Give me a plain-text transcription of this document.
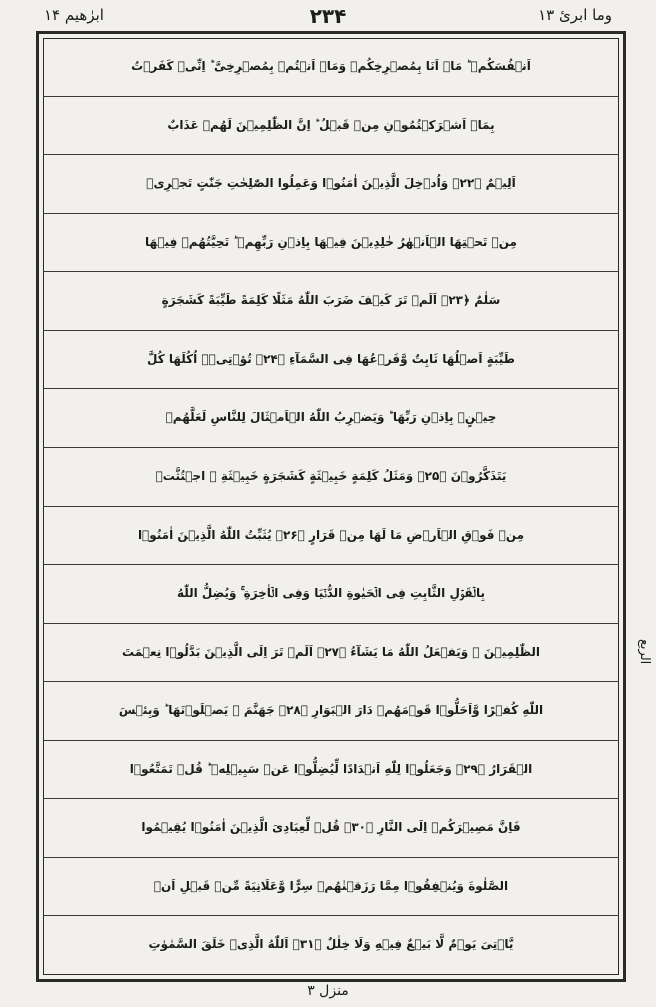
ابرٰهیم ۱۴	۲۳۴	وما ابرئ ۱۳
اَنۡفُسَكُمۡ ؕ مَاۤ اَنَا بِمُصۡرِخِكُمۡ وَمَاۤ اَنۡتُمۡ بِمُصۡرِخِیَّ ؕ اِنِّیۡ كَفَرۡتُ
بِمَاۤ اَشۡرَكۡتُمُوۡنِ مِنۡ قَبۡلُ ؕ اِنَّ الظّٰلِمِیۡنَ لَهُمۡ عَذَابٌ
اَلِیۡمٌ ﴿۲۲﴾ وَاُدۡخِلَ الَّذِیۡنَ اٰمَنُوۡا وَعَمِلُوا الصّٰلِحٰتِ جَنّٰتٍ تَجۡرِیۡ
مِنۡ تَحۡتِهَا الۡاَنۡهٰرُ خٰلِدِیۡنَ فِیۡهَا بِاِذۡنِ رَبِّهِمۡ ؕ تَحِیَّتُهُمۡ فِیۡهَا
سَلٰمٌ ﴿۲۳﴾ اَلَمۡ تَرَ كَیۡفَ ضَرَبَ اللّٰهُ مَثَلًا كَلِمَةً طَیِّبَةً كَشَجَرَةٍ
طَیِّبَةٍ اَصۡلُهَا ثَابِتٌ وَّفَرۡعُهَا فِی السَّمَآءِ ﴿۲۴﴾ تُؤۡتِیۡۤ اُكُلَهَا كُلَّ
حِیۡنٍۢ بِاِذۡنِ رَبِّهَا ؕ وَیَضۡرِبُ اللّٰهُ الۡاَمۡثَالَ لِلنَّاسِ لَعَلَّهُمۡ
یَتَذَكَّرُوۡنَ ﴿۲۵﴾ وَمَثَلُ كَلِمَةٍ خَبِیۡثَةٍ كَشَجَرَةٍ خَبِیۡثَةِ ۣ اجۡتُثَّتۡ
مِنۡ فَوۡقِ الۡاَرۡضِ مَا لَهَا مِنۡ قَرَارٍ ﴿۲۶﴾ یُثَبِّتُ اللّٰهُ الَّذِیۡنَ اٰمَنُوۡا
بِالۡقَوۡلِ الثَّابِتِ فِی الۡحَیٰوةِ الدُّنۡیَا وَفِی الۡاٰخِرَةِ ۚ وَیُضِلُّ اللّٰهُ
الظّٰلِمِیۡنَ ۙ وَیَفۡعَلُ اللّٰهُ مَا یَشَآءُ ﴿۲۷﴾ اَلَمۡ تَرَ اِلَی الَّذِیۡنَ بَدَّلُوۡا نِعۡمَتَ
اللّٰهِ كُفۡرًا وَّاَحَلُّوۡا قَوۡمَهُمۡ دَارَ الۡبَوَارِ ﴿۲۸﴾ جَهَنَّمَ ۚ یَصۡلَوۡنَهَا ؕ وَبِئۡسَ
الۡقَرَارُ ﴿۲۹﴾ وَجَعَلُوۡا لِلّٰهِ اَنۡدَادًا لِّیُضِلُّوۡا عَنۡ سَبِیۡلِهٖ ؕ قُلۡ تَمَتَّعُوۡا
فَاِنَّ مَصِیۡرَكُمۡ اِلَی النَّارِ ﴿۳۰﴾ قُلۡ لِّعِبَادِیَ الَّذِیۡنَ اٰمَنُوۡا یُقِیۡمُوا
الصَّلٰوةَ وَیُنۡفِقُوۡا مِمَّا رَزَقۡنٰهُمۡ سِرًّا وَّعَلَانِیَةً مِّنۡ قَبۡلِ اَنۡ
یَّاۡتِیَ یَوۡمٌ لَّا بَیۡعٌ فِیۡهِ وَلَا خِلٰلٌ ﴿۳۱﴾ اَللّٰهُ الَّذِیۡ خَلَقَ السَّمٰوٰتِ
الربع
منزل ۳
